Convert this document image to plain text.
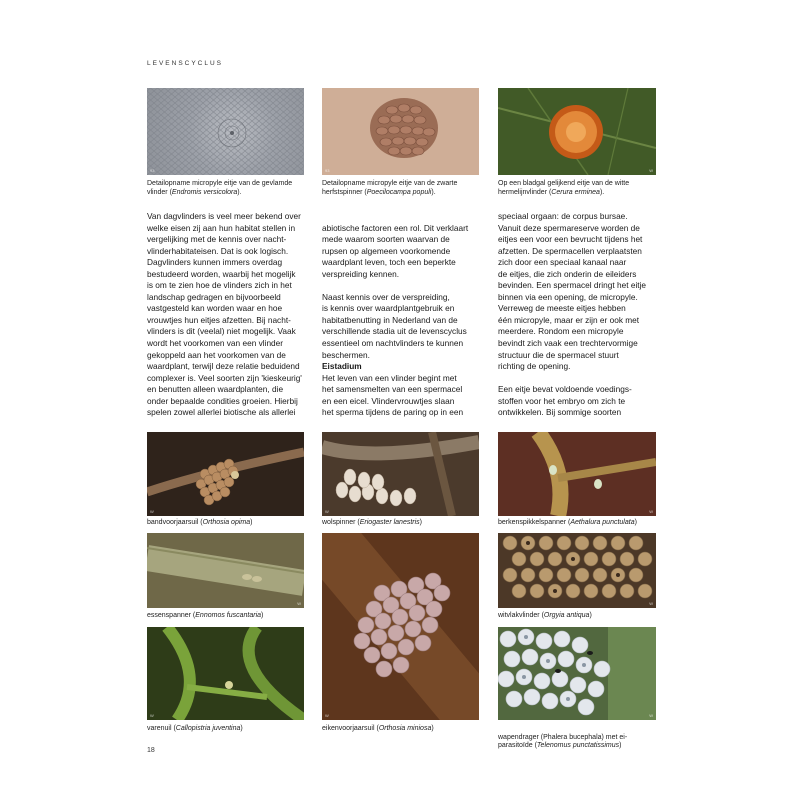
LEVENSCYCLUS
93	93	W
Detailopname micropyle eitje van de gevlamde vlinder (Endromis versicolora).
Detailopname micropyle eitje van de zwarte herfstspinner (Poecilocampa populi).
Op een bladgal gelijkend eitje van de witte hermelijnvlinder (Cerura erminea).
Van dagvlinders is veel meer bekend over
welke eisen zij aan hun habitat stellen in
vergelijking met de kennis over nacht-
vlinderhabitateisen. Dat is ook logisch.
Dagvlinders kunnen immers overdag
bestudeerd worden, waarbij het mogelijk
is om te zien hoe de vlinders zich in het
landschap gedragen en bijvoorbeeld
vastgesteld kan worden waar en hoe
vrouwtjes hun eitjes afzetten. Bij nacht-
vlinders is dit (veelal) niet mogelijk. Vaak
wordt het voorkomen van een vlinder
gekoppeld aan het voorkomen van de
waardplant, terwijl deze relatie beduidend
complexer is. Veel soorten zijn 'kieskeurig'
en benutten alleen waardplanten, die
onder bepaalde condities groeien. Hierbij
spelen zowel allerlei biotische als allerlei

abiotische factoren een rol. Dit verklaart
mede waarom soorten waarvan de
rupsen op algemeen voorkomende
waardplant leven, toch een beperkte
verspreiding kennen.

Naast kennis over de verspreiding,
is kennis over waardplantgebruik en
habitatbenutting in Nederland van de
verschillende stadia uit de levenscyclus
essentieel om nachtvlinders te kunnen
beschermen.
Eistadium
Het leven van een vlinder begint met
het samensmelten van een spermacel
en een eicel. Vlindervrouwtjes slaan
het sperma tijdens de paring op in een

speciaal orgaan: de corpus bursae.
Vanuit deze spermareserve worden de
eitjes een voor een bevrucht tijdens het
afzetten. De spermacellen verplaatsten
zich door een speciaal kanaal naar
de eitjes, die zich onderin de eileiders
bevinden. Een spermacel dringt het eitje
binnen via een opening, de micropyle.
Verreweg de meeste eitjes hebben
één micropyle, maar er zijn er ook met
meerdere. Rondom een micropyle
bevindt zich vaak een trechtervormige
structuur die de spermacel stuurt
richting de opening.

Een eitje bevat voldoende voedings-
stoffen voor het embryo om zich te
ontwikkelen. Bij sommige soorten
W	W	W
bandvoorjaarsuil (Orthosia opima)	wolspinner (Eriogaster lanestris)	berkenspikkelspanner (Aethalura punctulata)
W
W
W
essenspanner (Ennomos fuscantaria)	witvlakvlinder (Orgyia antiqua)
W	W
varenuil (Callopistria juventina)	eikenvoorjaarsuil (Orthosia miniosa)

wapendrager (Phalera bucephala) met ei-
parasitoïde (Telenomus punctatissimus)

18
